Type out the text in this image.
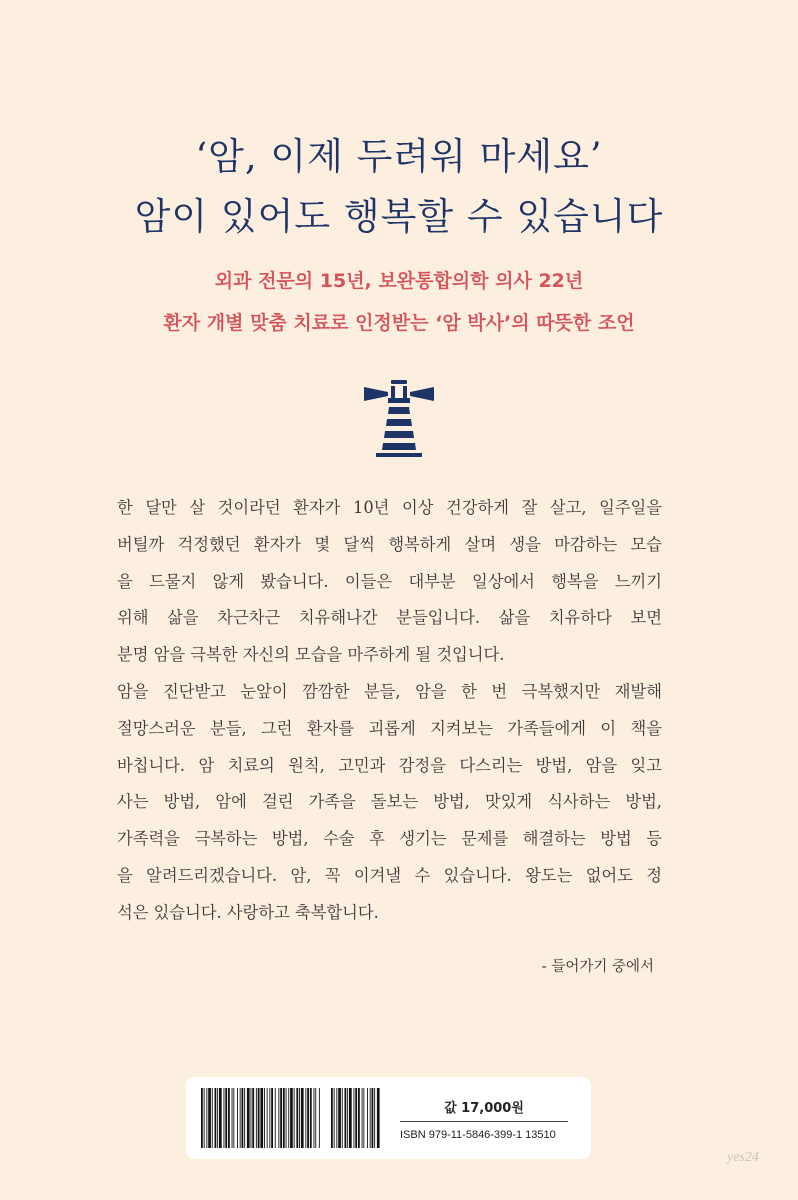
‘암, 이제 두려워 마세요’
암이 있어도 행복할 수 있습니다
외과 전문의 15년, 보완통합의학 의사 22년
환자 개별 맞춤 치료로 인정받는 ‘암 박사’의 따뜻한 조언
한 달만 살 것이라던 환자가 10년 이상 건강하게 잘 살고, 일주일을
버틸까 걱정했던 환자가 몇 달씩 행복하게 살며 생을 마감하는 모습
을 드물지 않게 봤습니다. 이들은 대부분 일상에서 행복을 느끼기
위해 삶을 차근차근 치유해나간 분들입니다. 삶을 치유하다 보면
분명 암을 극복한 자신의 모습을 마주하게 될 것입니다.
암을 진단받고 눈앞이 깜깜한 분들, 암을 한 번 극복했지만 재발해
절망스러운 분들, 그런 환자를 괴롭게 지켜보는 가족들에게 이 책을
바칩니다. 암 치료의 원칙, 고민과 감정을 다스리는 방법, 암을 잊고
사는 방법, 암에 걸린 가족을 돌보는 방법, 맛있게 식사하는 방법,
가족력을 극복하는 방법, 수술 후 생기는 문제를 해결하는 방법 등
을 알려드리겠습니다. 암, 꼭 이겨낼 수 있습니다. 왕도는 없어도 정
석은 있습니다. 사랑하고 축복합니다.
- 들어가기 중에서
값 17,000원
ISBN 979-11-5846-399-1 13510
yes24
